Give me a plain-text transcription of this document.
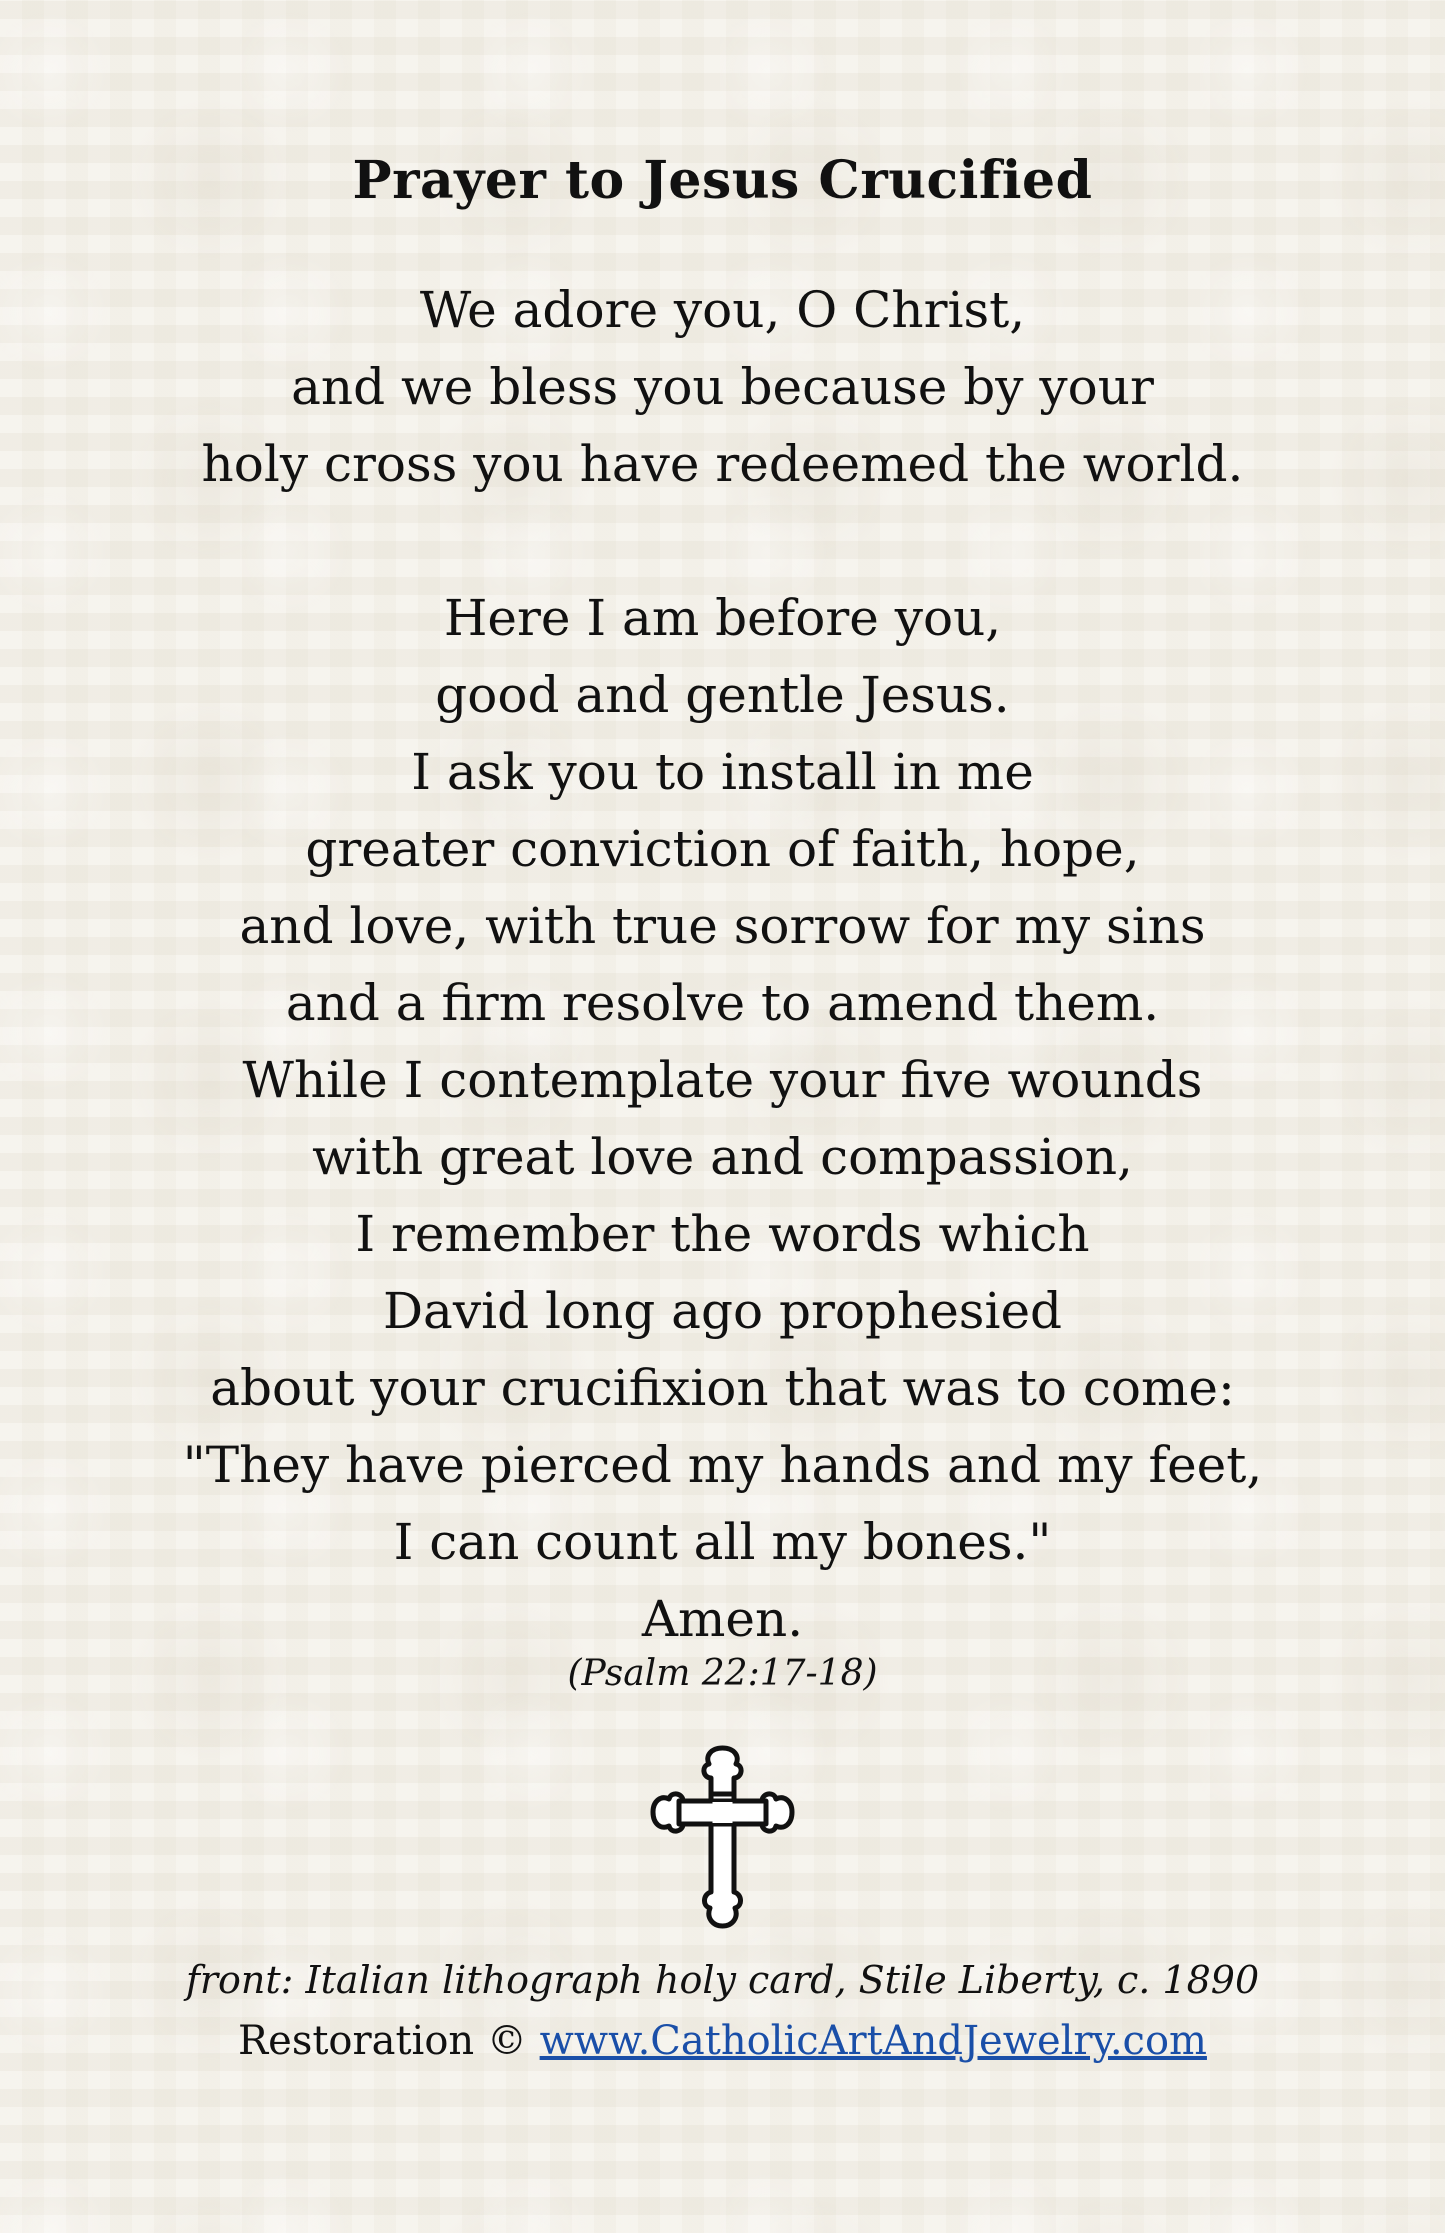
Prayer to Jesus Crucified
We adore you, O Christ,
and we bless you because by your
holy cross you have redeemed the world.
Here I am before you,
good and gentle Jesus.
I ask you to install in me
greater conviction of faith, hope,
and love, with true sorrow for my sins
and a firm resolve to amend them.
While I contemplate your five wounds
with great love and compassion,
I remember the words which
David long ago prophesied
about your crucifixion that was to come:
"They have pierced my hands and my feet,
I can count all my bones."
Amen.
(Psalm 22:17-18)
front: Italian lithograph holy card, Stile Liberty, c. 1890
Restoration © www.CatholicArtAndJewelry.com
